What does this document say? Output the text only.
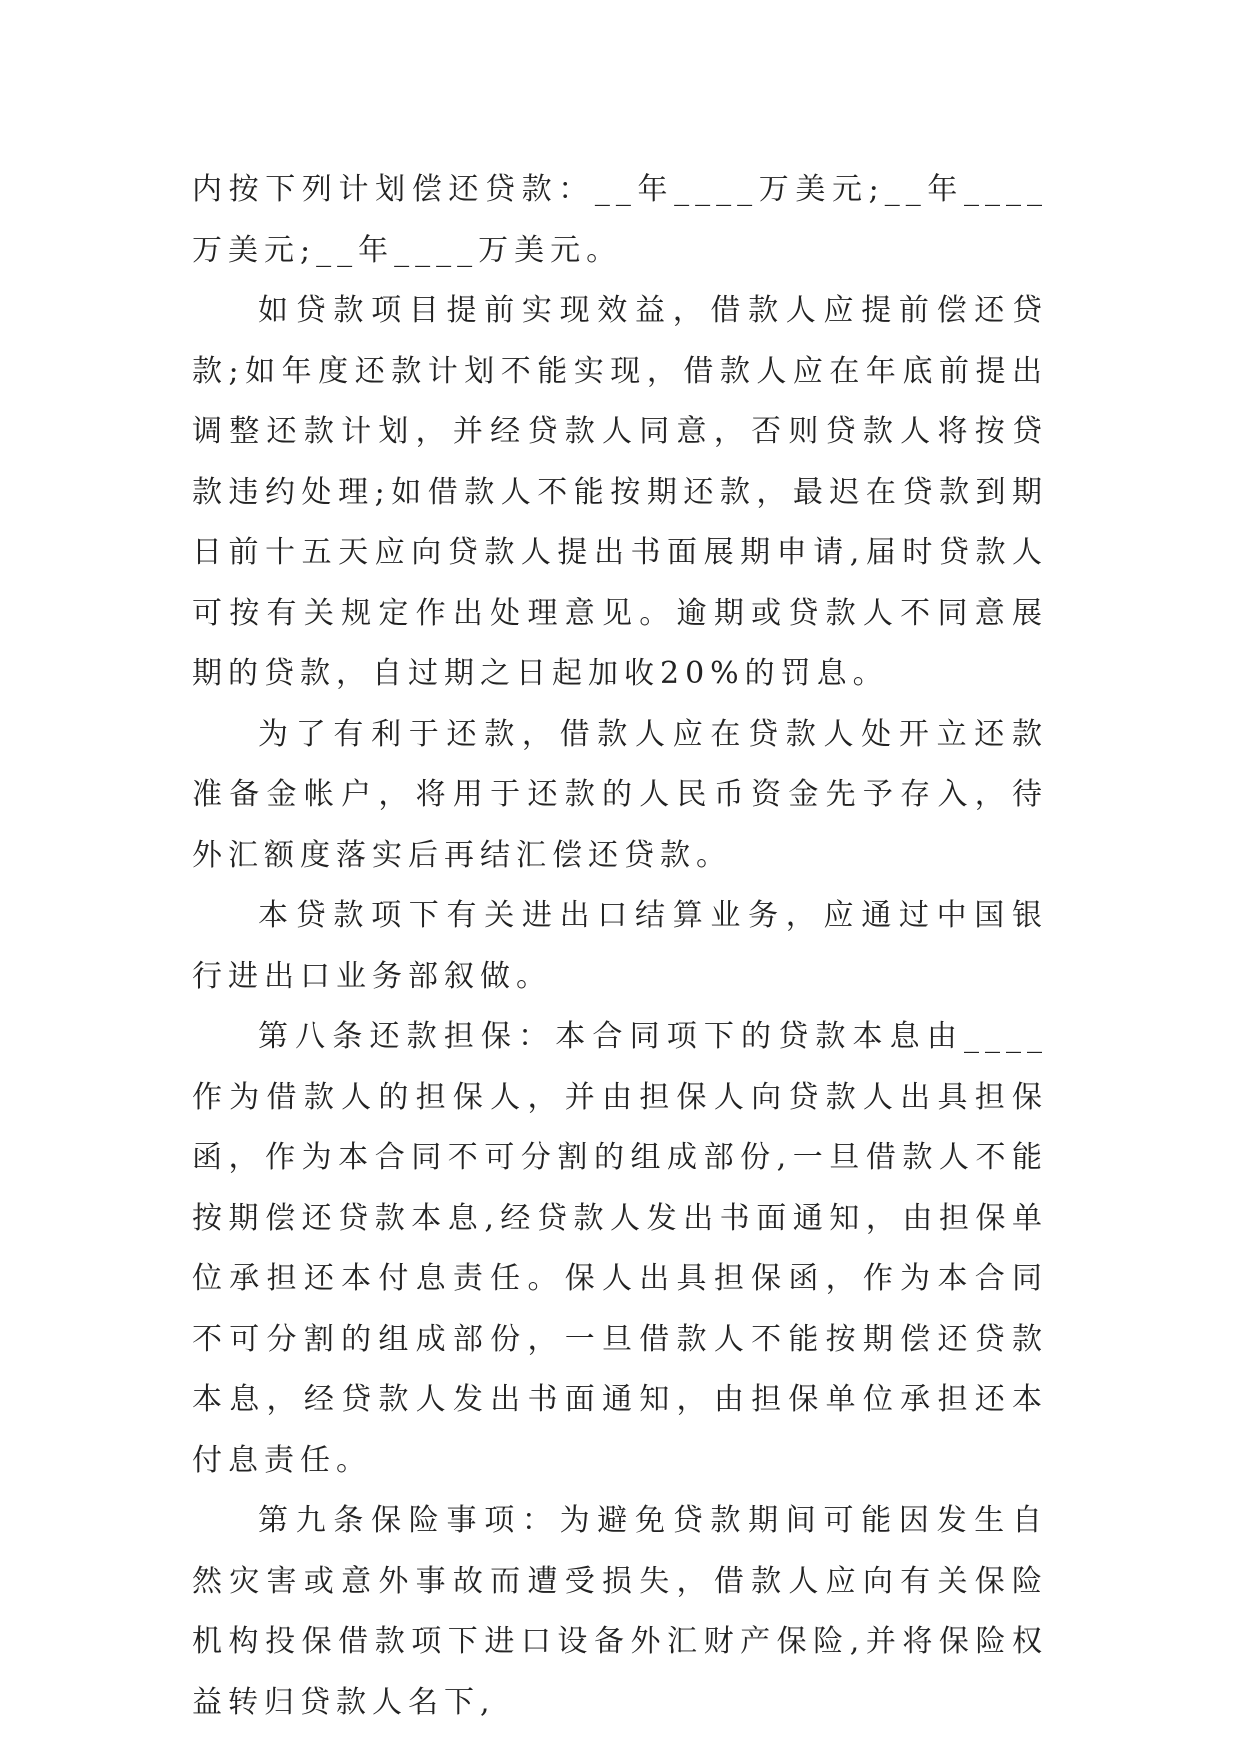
内按下列计划偿还贷款：__年____万美元;__年____万美元;__年____万美元。

如贷款项目提前实现效益，借款人应提前偿还贷款;如年度还款计划不能实现，借款人应在年底前提出调整还款计划，并经贷款人同意，否则贷款人将按贷款违约处理;如借款人不能按期还款，最迟在贷款到期日前十五天应向贷款人提出书面展期申请,届时贷款人可按有关规定作出处理意见。逾期或贷款人不同意展期的贷款，自过期之日起加收20%的罚息。

为了有利于还款，借款人应在贷款人处开立还款准备金帐户，将用于还款的人民币资金先予存入，待外汇额度落实后再结汇偿还贷款。

本贷款项下有关进出口结算业务，应通过中国银行进出口业务部叙做。

第八条还款担保：本合同项下的贷款本息由____作为借款人的担保人，并由担保人向贷款人出具担保函，作为本合同不可分割的组成部份,一旦借款人不能按期偿还贷款本息,经贷款人发出书面通知，由担保单位承担还本付息责任。保人出具担保函，作为本合同不可分割的组成部份，一旦借款人不能按期偿还贷款本息，经贷款人发出书面通知，由担保单位承担还本付息责任。

第九条保险事项：为避免贷款期间可能因发生自然灾害或意外事故而遭受损失，借款人应向有关保险机构投保借款项下进口设备外汇财产保险,并将保险权益转归贷款人名下,
